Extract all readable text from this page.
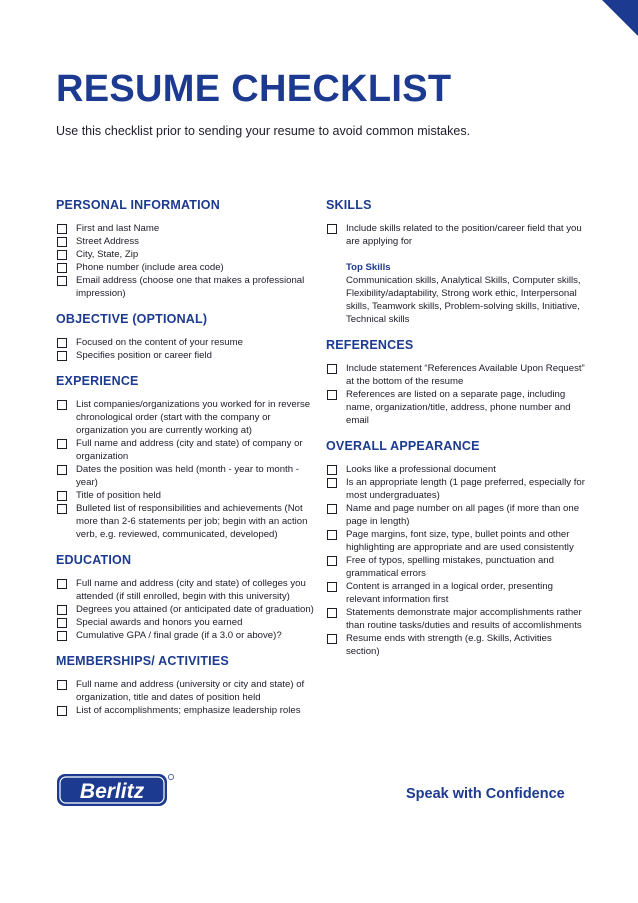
RESUME CHECKLIST

Use this checklist prior to sending your resume to avoid common mistakes.

PERSONAL INFORMATION
First and last Name
Street Address
City, State, Zip
Phone number (include area code)
Email address (choose one that makes a professional impression)
OBJECTIVE (OPTIONAL)
Focused on the content of your resume
Specifies position or career field
EXPERIENCE
List companies/organizations you worked for in reverse chronological order (start with the company or organization you are currently working at)
Full name and address (city and state) of company or organization
Dates the position was held (month - year to month - year)
Title of position held
Bulleted list of responsibilities and achievements (Not more than 2-6 statements per job; begin with an action verb, e.g. reviewed, communicated, developed)
EDUCATION
Full name and address (city and state) of colleges you attended (if still enrolled, begin with this university)
Degrees you attained (or anticipated date of graduation)
Special awards and honors you earned
Cumulative GPA / final grade (if a 3.0 or above)?
MEMBERSHIPS/ ACTIVITIES
Full name and address (university or city and state) of organization, title and dates of position held
List of accomplishments; emphasize leadership roles
SKILLS
Include skills related to the position/career field that you are applying for
Top Skills
Communication skills, Analytical Skills, Computer skills, Flexibility/adaptability, Strong work ethic, Interpersonal skills, Teamwork skills, Problem-solving skills, Initiative, Technical skills
REFERENCES
Include statement “References Available Upon Request” at the bottom of the resume
References are listed on a separate page, including name, organization/title, address, phone number and email
OVERALL APPEARANCE
Looks like a professional document
Is an appropriate length (1 page preferred, especially for most undergraduates)
Name and page number on all pages (if more than one page in length)
Page margins, font size, type, bullet points and other highlighting are appropriate and are used consistently
Free of typos, spelling mistakes, punctuation and grammatical errors
Content is arranged in a logical order, presenting relevant information first
Statements demonstrate major accomplishments rather than routine tasks/duties and results of accomlishments
Resume ends with strength (e.g. Skills, Activities section)
Berlitz	Speak with Confidence
